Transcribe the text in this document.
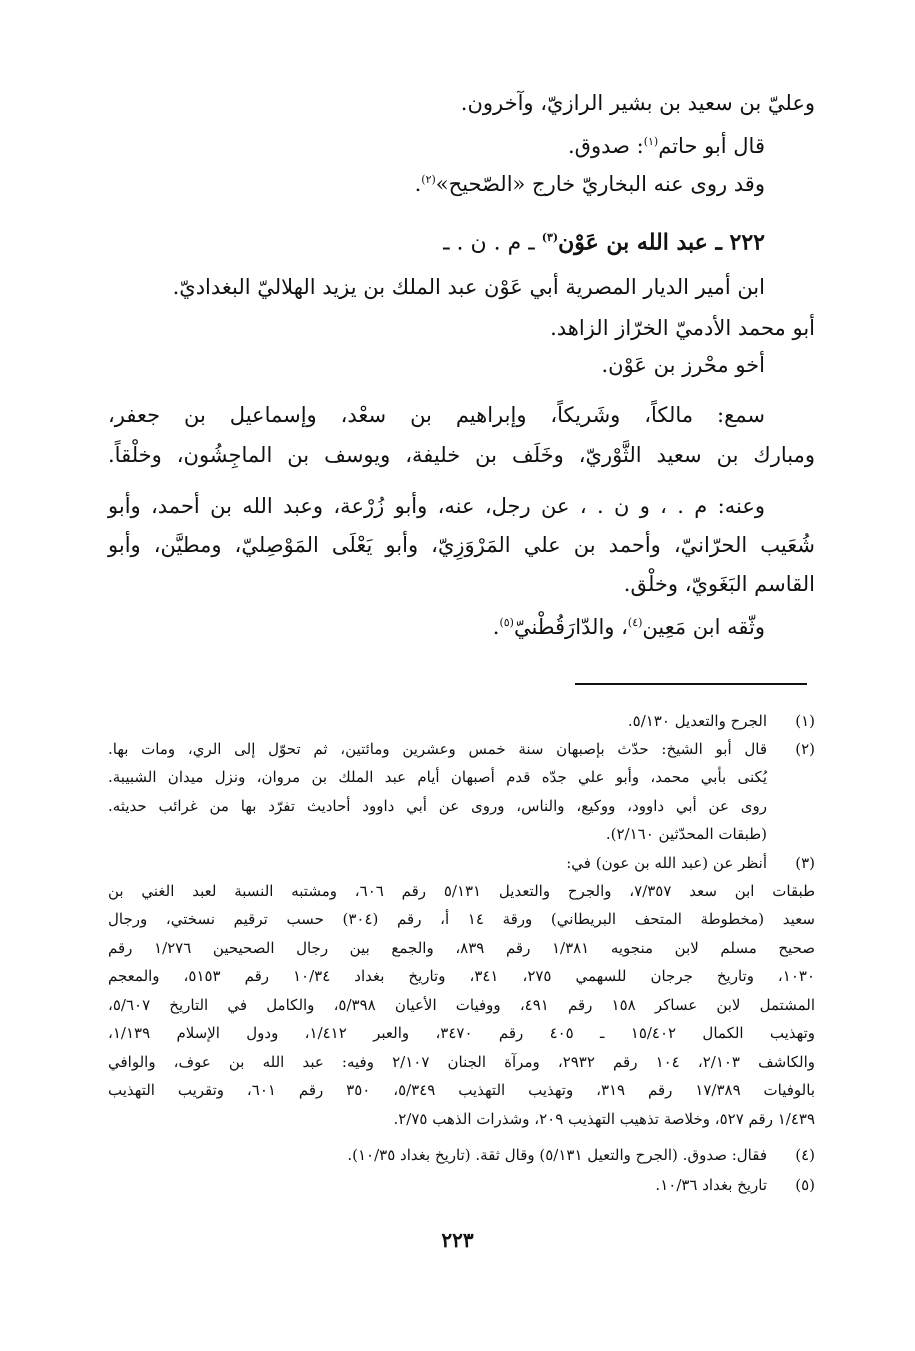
وعليّ بن سعيد بن بشير الرازيّ، وآخرون.
قال أبو حاتم$^{(١)}$: صدوق.
وقد روى عنه البخاريّ خارج «الصّحيح»$^{(٢)}$.
٢٢٢ ـ عبد الله بن عَوْن$^{(٣)}$ ـ م . ن . ـ
ابن أمير الديار المصرية أبي عَوْن عبد الملك بن يزيد الهلاليّ البغداديّ.
أبو محمد الأدميّ الخرّاز الزاهد.
أخو محْرز بن عَوْن.
سمع: مالكاً، وشَريكاً، وإبراهيم بن سعْد، وإسماعيل بن جعفر،
ومبارك بن سعيد الثَّوْريّ، وخَلَف بن خليفة، ويوسف بن الماجِشُون، وخلْقاً.
وعنه: م . ، و ن . ، عن رجل، عنه، وأبو زُرْعة، وعبد الله بن أحمد، وأبو
شُعَيب الحرّانيّ، وأحمد بن علي المَرْوَزِيّ، وأبو يَعْلَى المَوْصِليّ، ومطيَّن، وأبو
القاسم البَغَويّ، وخلْق.
وثّقه ابن مَعِين$^{(٤)}$، والدّارَقُطْنيّ$^{(٥)}$.
(١)
الجرح والتعديل ٥/١٣٠.
(٢)
قال أبو الشيخ: حدّث بإصبهان سنة خمس وعشرين ومائتين، ثم تحوّل إلى الري، ومات بها.
يُكنى بأبي محمد، وأبو علي جدّه قدم أصبهان أيام عبد الملك بن مروان، ونزل ميدان الشبيبة.
روى عن أبي داوود، ووكيع، والناس، وروى عن أبي داوود أحاديث تفرّد بها من غرائب حديثه.
(طبقات المحدّثين ٢/١٦٠).
(٣)
أنظر عن (عبد الله بن عون) في:
طبقات ابن سعد ٧/٣٥٧، والجرح والتعديل ٥/١٣١ رقم ٦٠٦، ومشتبه النسبة لعبد الغني بن
سعيد (مخطوطة المتحف البريطاني) ورقة ١٤ أ، رقم (٣٠٤) حسب ترقيم نسختي، ورجال
صحيح مسلم لابن منجويه ١/٣٨١ رقم ٨٣٩، والجمع بين رجال الصحيحين ١/٢٧٦ رقم
١٠٣٠، وتاريخ جرجان للسهمي ٢٧٥، ٣٤١، وتاريخ بغداد ١٠/٣٤ رقم ٥١٥٣، والمعجم
المشتمل لابن عساكر ١٥٨ رقم ٤٩١، ووفيات الأعيان ٥/٣٩٨، والكامل في التاريخ ٥/٦٠٧،
وتهذيب الكمال ١٥/٤٠٢ ـ ٤٠٥ رقم ٣٤٧٠، والعبر ١/٤١٢، ودول الإسلام ١/١٣٩،
والكاشف ٢/١٠٣، ١٠٤ رقم ٢٩٣٢، ومرآة الجنان ٢/١٠٧ وفيه: عبد الله بن عوف، والوافي
بالوفيات ١٧/٣٨٩ رقم ٣١٩، وتهذيب التهذيب ٥/٣٤٩، ٣٥٠ رقم ٦٠١، وتقريب التهذيب
١/٤٣٩ رقم ٥٢٧، وخلاصة تذهيب التهذيب ٢٠٩، وشذرات الذهب ٢/٧٥.
(٤)
فقال: صدوق. (الجرح والتعيل ٥/١٣١) وقال ثقة. (تاريخ بغداد ١٠/٣٥).
(٥)
تاريخ بغداد ١٠/٣٦.
٢٢٣
